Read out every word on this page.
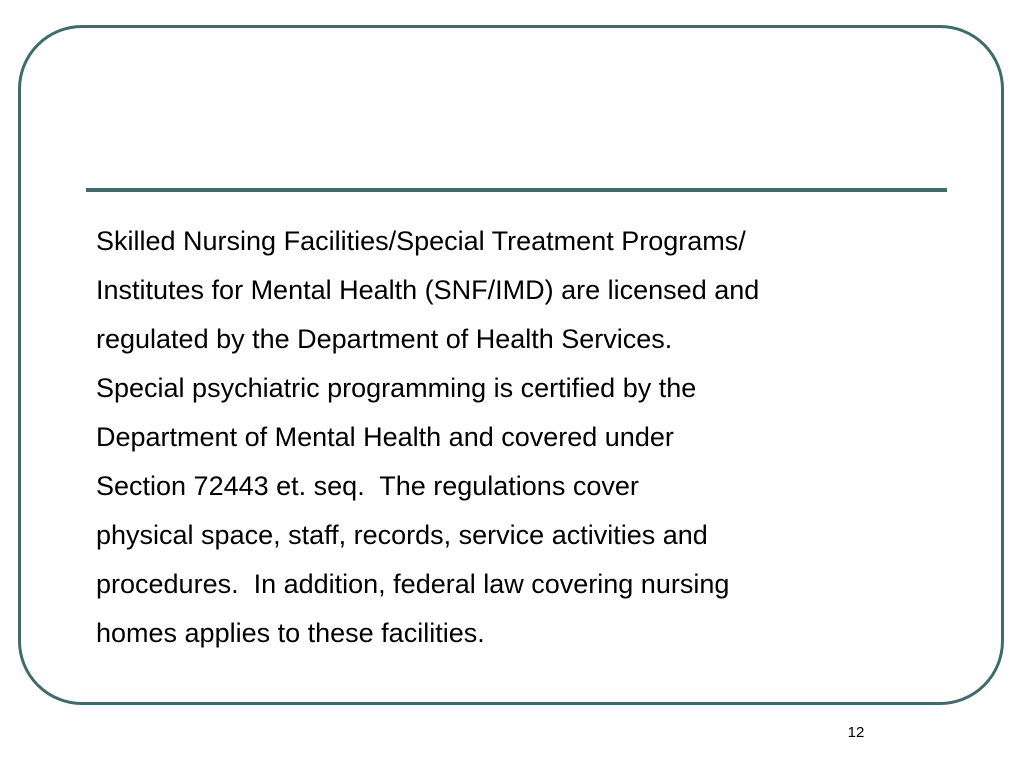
Skilled Nursing Facilities/Special Treatment Programs/
Institutes for Mental Health (SNF/IMD) are licensed and
regulated by the Department of Health Services.
Special psychiatric programming is certified by the
Department of Mental Health and covered under
Section 72443 et. seq.  The regulations cover
physical space, staff, records, service activities and
procedures.  In addition, federal law covering nursing
homes applies to these facilities.
12
